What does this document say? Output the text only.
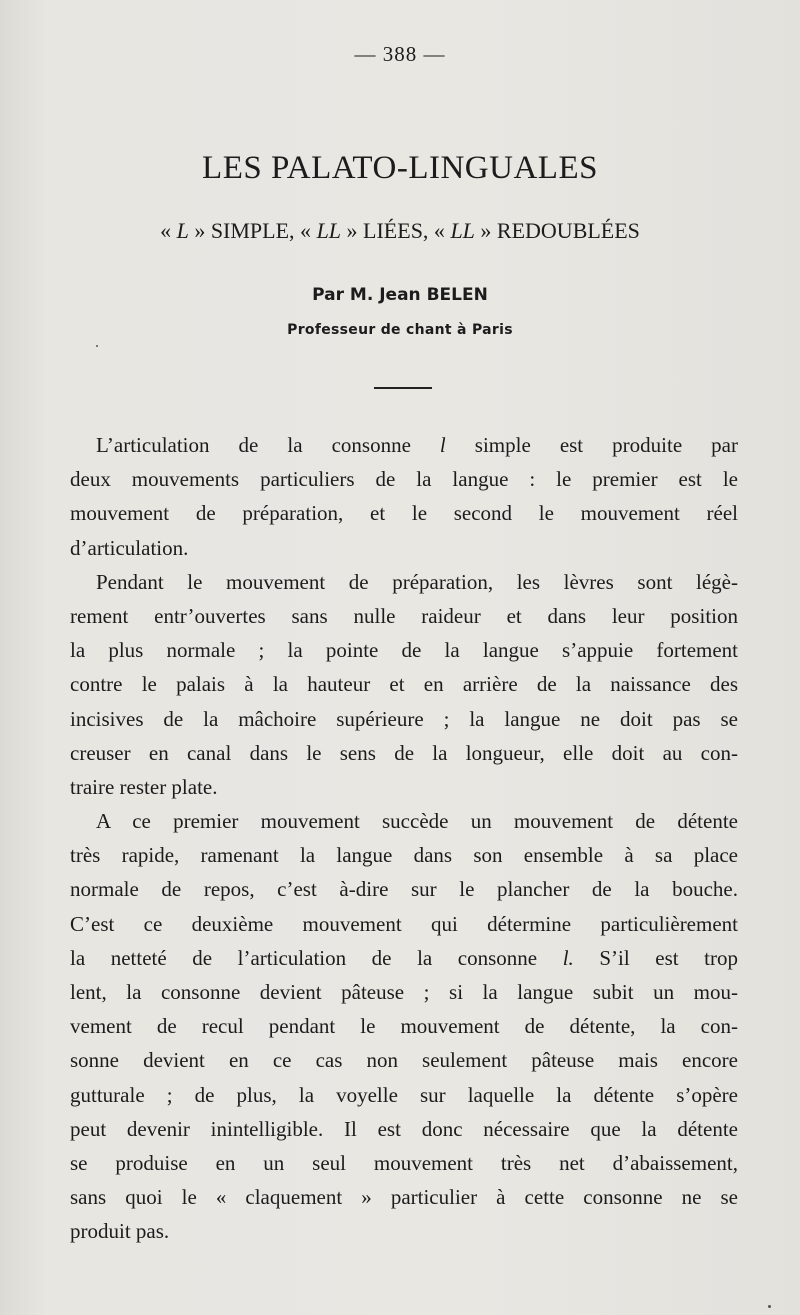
— 388 —
LES PALATO-LINGUALES
« L » SIMPLE, « LL » LIÉES, « LL » REDOUBLÉES
Par M. Jean BELEN
Professeur de chant à Paris
L’articulation de la consonne l simple est produite par
deux mouvements particuliers de la langue : le premier est le
mouvement de préparation, et le second le mouvement réel
d’articulation.
Pendant le mouvement de préparation, les lèvres sont légè-
rement entr’ouvertes sans nulle raideur et dans leur position
la plus normale ; la pointe de la langue s’appuie fortement
contre le palais à la hauteur et en arrière de la naissance des
incisives de la mâchoire supérieure ; la langue ne doit pas se
creuser en canal dans le sens de la longueur, elle doit au con-
traire rester plate.
A ce premier mouvement succède un mouvement de détente
très rapide, ramenant la langue dans son ensemble à sa place
normale de repos, c’est à-dire sur le plancher de la bouche.
C’est ce deuxième mouvement qui détermine particulièrement
la netteté de l’articulation de la consonne l. S’il est trop
lent, la consonne devient pâteuse ; si la langue subit un mou-
vement de recul pendant le mouvement de détente, la con-
sonne devient en ce cas non seulement pâteuse mais encore
gutturale ; de plus, la voyelle sur laquelle la détente s’opère
peut devenir inintelligible. Il est donc nécessaire que la détente
se produise en un seul mouvement très net d’abaissement,
sans quoi le « claquement » particulier à cette consonne ne se
produit pas.
